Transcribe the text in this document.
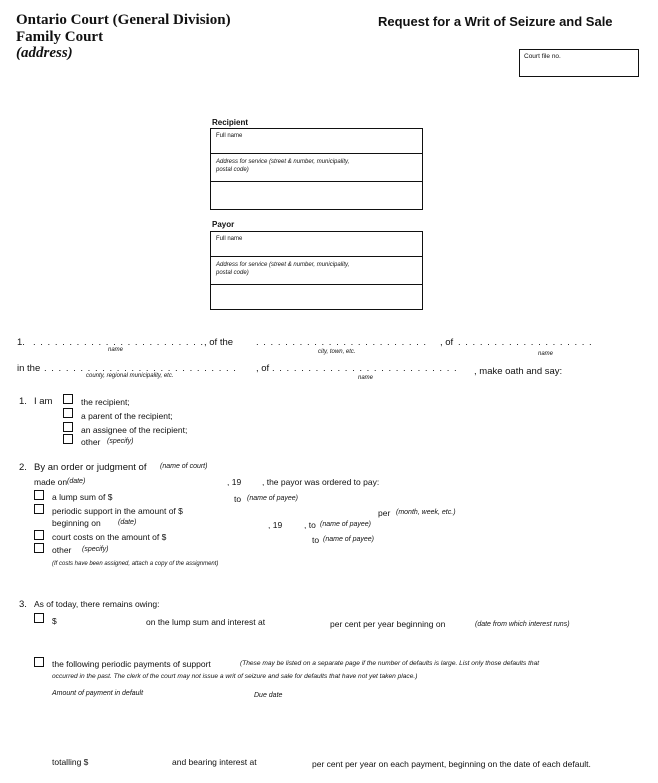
Ontario Court (General Division)
Family Court
(address)
Request for a Writ of Seizure and Sale
Court file no.
Recipient
Full name
Address for service (street & number, municipality,
postal code)
Payor
Full name
Address for service (street & number, municipality,
postal code)
1. . . . . . . . . . . . . . . . . . . . . . . . . , of the . . . . . . . . . . . . . . . . . . . . . . . . , of . . . . . . . . . . . . . . . . . . .
name	city, town, etc.	name
in the . . . . . . . . . . . . . . . . . . . . . . . . . . . , of . . . . . . . . . . . . . . . . . . . . . . . . . . , make oath and say:
county, regional municipality, etc.	name
1. I am	the recipient;
a parent of the recipient;
an assignee of the recipient;
other (specify)
2. By an order or judgment of (name of court)
made on (date)	, 19 , the payor was ordered to pay:
a lump sum of $	to (name of payee)
periodic support in the amount of $	per (month, week, etc.)
beginning on (date)	, 19	, to (name of payee)
court costs on the amount of $	to (name of payee)
other (specify)
(If costs have been assigned, attach a copy of the assignment)
3. As of today, there remains owing:
$	on the lump sum and interest at	per cent per year beginning on	(date from which interest runs)
the following periodic payments of support	(These may be listed on a separate page if the number of defaults is large. List only those defaults that
occurred in the past. The clerk of the court may not issue a writ of seizure and sale for defaults that have not yet taken place.)
Amount of payment in default	Due date
totalling $	and bearing interest at	per cent per year on each payment, beginning on the date of each default.
